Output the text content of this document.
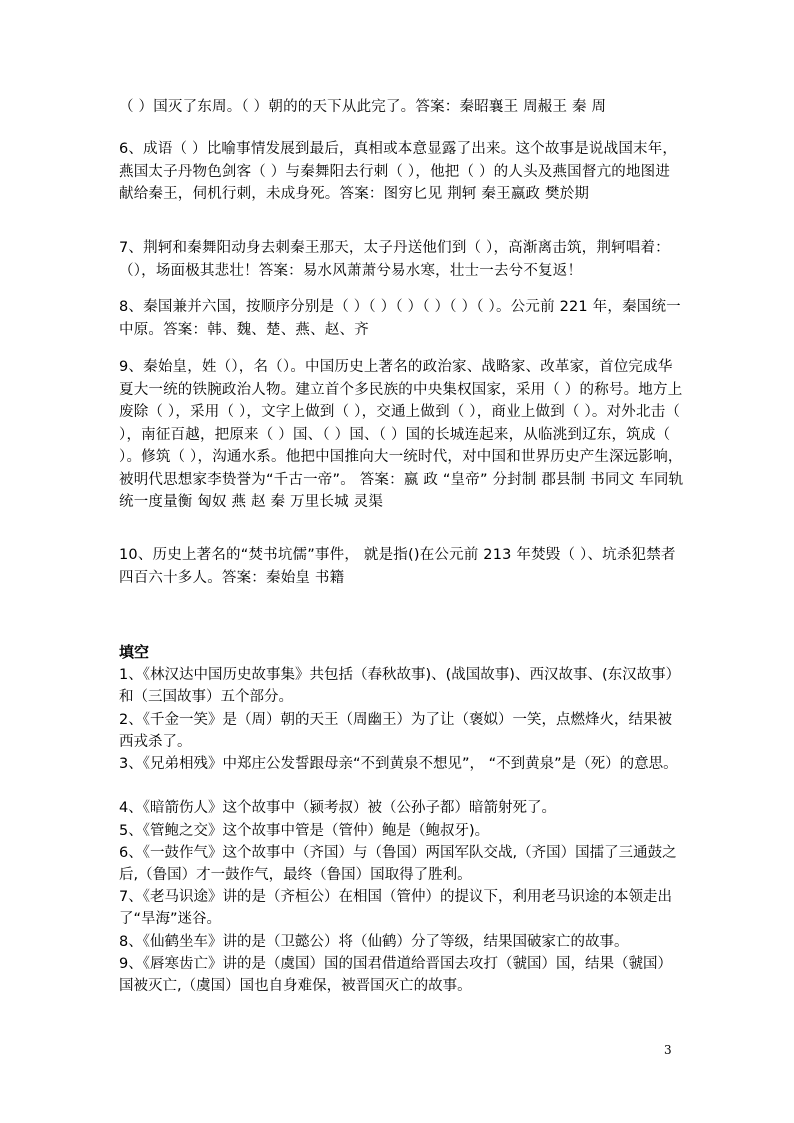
（ ）国灭了东周。（ ）朝的的天下从此完了。答案：秦昭襄王 周赧王 秦 周

6、成语（ ）比喻事情发展到最后，真相或本意显露了出来。这个故事是说战国末年，燕国太子丹物色剑客（ ）与秦舞阳去行刺（ ），他把（ ）的人头及燕国督亢的地图进献给秦王，伺机行刺，未成身死。答案：图穷匕见 荆轲 秦王嬴政 樊於期

7、荆轲和秦舞阳动身去刺秦王那天，太子丹送他们到（ ），高渐离击筑，荆轲唱着：（），场面极其悲壮！答案：易水风萧萧兮易水寒，壮士一去兮不复返！

8、秦国兼并六国，按顺序分别是（ ）（ ）（ ）（ ）（ ）（ ）。公元前 221 年，秦国统一中原。答案：韩、魏、楚、燕、赵、齐

9、秦始皇，姓（），名（）。中国历史上著名的政治家、战略家、改革家，首位完成华夏大一统的铁腕政治人物。建立首个多民族的中央集权国家，采用（ ）的称号。地方上废除（ ），采用（ ），文字上做到（ ），交通上做到（ ），商业上做到（ ）。对外北击（ ），南征百越，把原来（ ）国、（ ）国、（ ）国的长城连起来，从临洮到辽东，筑成（ ）。修筑（ ），沟通水系。他把中国推向大一统时代，对中国和世界历史产生深远影响，被明代思想家李贽誉为“千古一帝”。 答案：嬴 政 “皇帝” 分封制 郡县制 书同文 车同轨 统一度量衡 匈奴 燕 赵 秦 万里长城 灵渠

10、历史上著名的“焚书坑儒”事件， 就是指()在公元前 213 年焚毁（ ）、坑杀犯禁者四百六十多人。答案：秦始皇 书籍

填空

1、《林汉达中国历史故事集》共包括（春秋故事)、(战国故事)、西汉故事、(东汉故事）和（三国故事）五个部分。

2、《千金一笑》是（周）朝的天王（周幽王）为了让（褒姒）一笑，点燃烽火，结果被西戎杀了。

3、《兄弟相残》中郑庄公发誓跟母亲“不到黄泉不想见”， “不到黄泉”是（死）的意思。

4、《暗箭伤人》这个故事中（颍考叔）被（公孙子都）暗箭射死了。

5、《管鲍之交》这个故事中管是（管仲）鲍是（鲍叔牙)。

6、《一鼓作气》这个故事中（齐国）与（鲁国）两国军队交战,（齐国）国擂了三通鼓之后,（鲁国）才一鼓作气，最终（鲁国）国取得了胜利。

7、《老马识途》讲的是（齐桓公）在相国（管仲）的提议下，利用老马识途的本领走出了“旱海”迷谷。

8、《仙鹤坐车》讲的是（卫懿公）将（仙鹤）分了等级，结果国破家亡的故事。

9、《唇寒齿亡》讲的是（虞国）国的国君借道给晋国去攻打（虢国）国，结果（虢国）国被灭亡,（虞国）国也自身难保，被晋国灭亡的故事。

3
